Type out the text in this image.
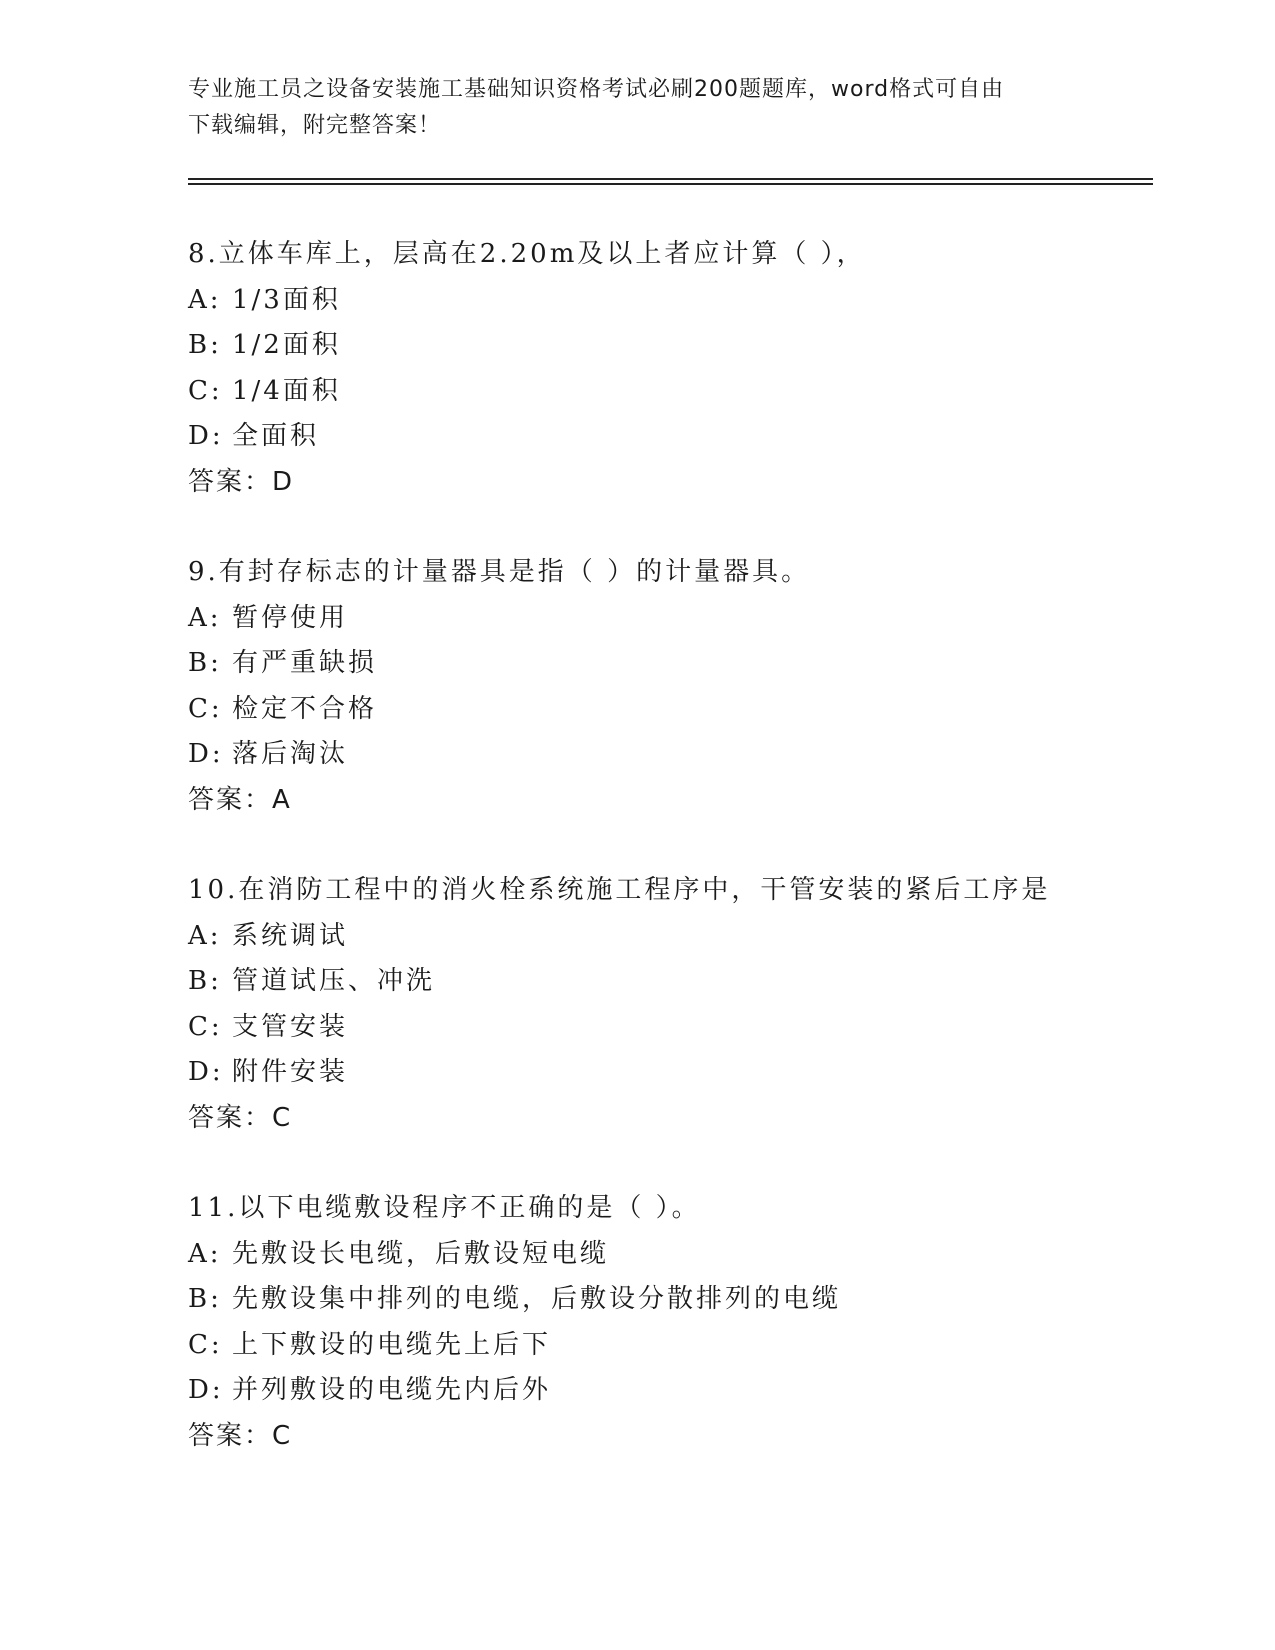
专业施工员之设备安装施工基础知识资格考试必刷200题题库，word格式可自由
下载编辑，附完整答案！
8.立体车库上，层高在2.20m及以上者应计算（ ），
A: 1/3面积
B: 1/2面积
C: 1/4面积
D: 全面积
答案：D
9.有封存标志的计量器具是指（ ）的计量器具。
A: 暂停使用
B: 有严重缺损
C: 检定不合格
D: 落后淘汰
答案：A
10.在消防工程中的消火栓系统施工程序中，干管安装的紧后工序是
A: 系统调试
B: 管道试压、冲洗
C: 支管安装
D: 附件安装
答案：C
11.以下电缆敷设程序不正确的是（ ）。
A: 先敷设长电缆，后敷设短电缆
B: 先敷设集中排列的电缆，后敷设分散排列的电缆
C: 上下敷设的电缆先上后下
D: 并列敷设的电缆先内后外
答案：C
